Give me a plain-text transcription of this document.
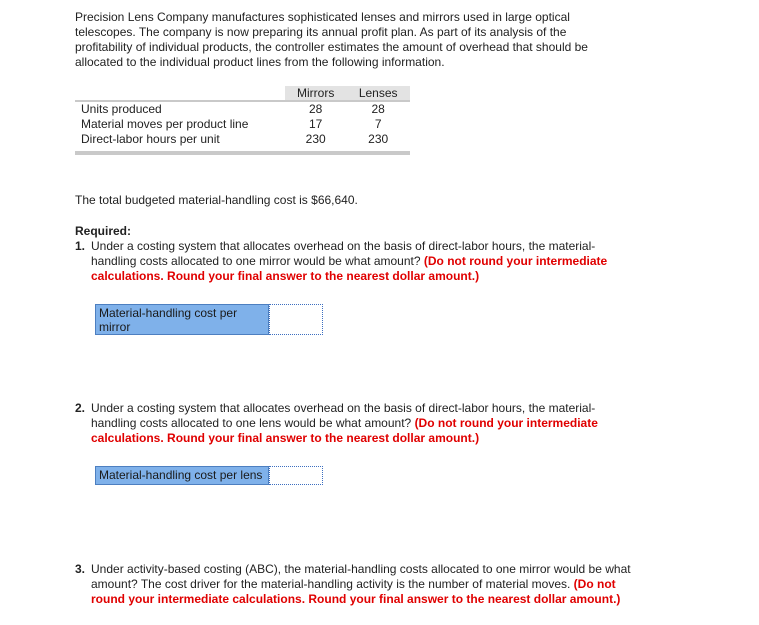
Precision Lens Company manufactures sophisticated lenses and mirrors used in large optical telescopes. The company is now preparing its annual profit plan. As part of its analysis of the profitability of individual products, the controller estimates the amount of overhead that should be allocated to the individual product lines from the following information.

	Mirrors	Lenses
Units produced	28	28
Material moves per product line	17	7
Direct-labor hours per unit	230	230

The total budgeted material-handling cost is $66,640.

Required:

1. Under a costing system that allocates overhead on the basis of direct-labor hours, the material-handling costs allocated to one mirror would be what amount? (Do not round your intermediate calculations. Round your final answer to the nearest dollar amount.)
Material-handling cost per mirror
2. Under a costing system that allocates overhead on the basis of direct-labor hours, the material-handling costs allocated to one lens would be what amount? (Do not round your intermediate calculations. Round your final answer to the nearest dollar amount.)
Material-handling cost per lens
3. Under activity-based costing (ABC), the material-handling costs allocated to one mirror would be what amount? The cost driver for the material-handling activity is the number of material moves. (Do not round your intermediate calculations. Round your final answer to the nearest dollar amount.)
